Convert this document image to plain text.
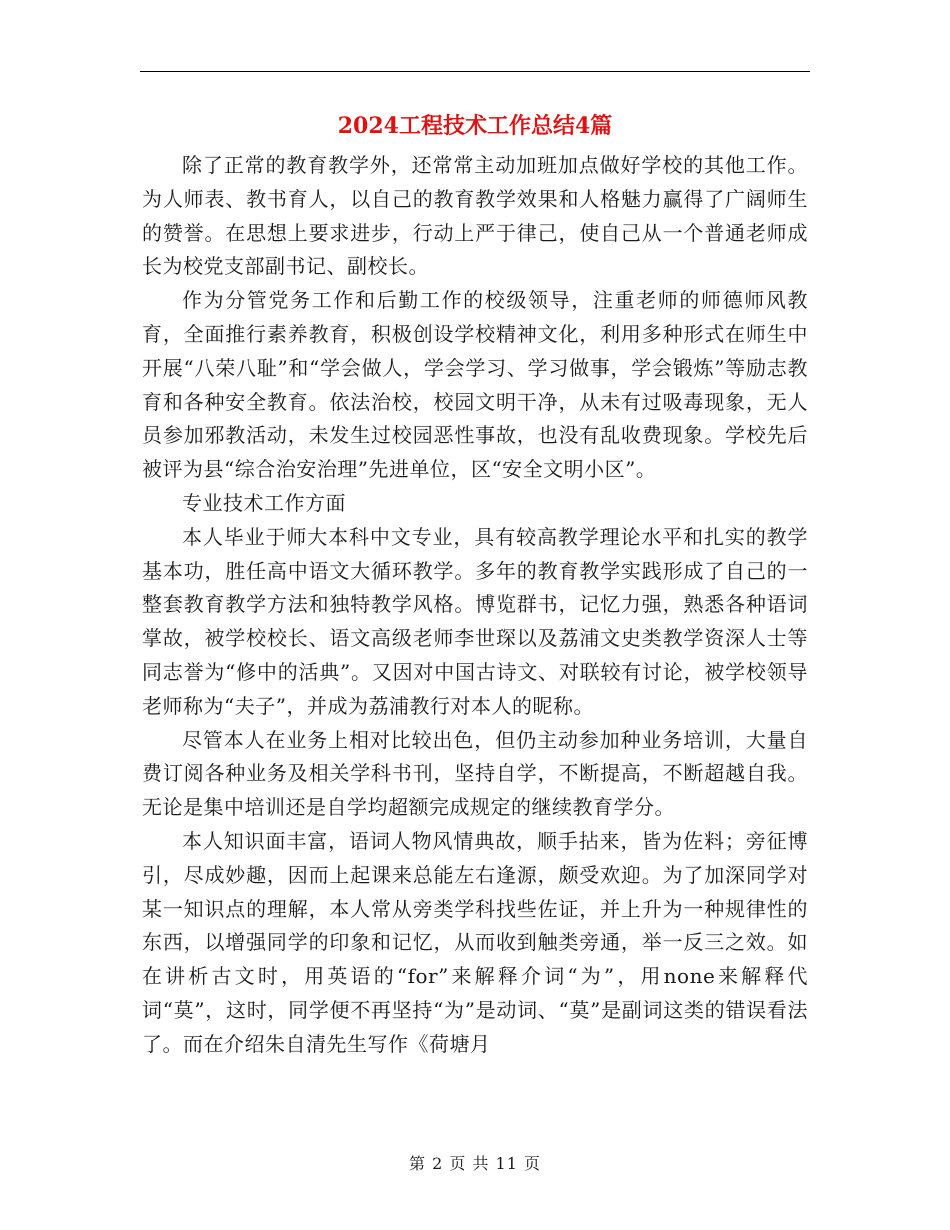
2024工程技术工作总结4篇

除了正常的教育教学外，还常常主动加班加点做好学校的其他工作。为人师表、教书育人，以自己的教育教学效果和人格魅力赢得了广阔师生的赞誉。在思想上要求进步，行动上严于律己，使自己从一个普通老师成长为校党支部副书记、副校长。

作为分管党务工作和后勤工作的校级领导，注重老师的师德师风教育，全面推行素养教育，积极创设学校精神文化，利用多种形式在师生中开展“八荣八耻”和“学会做人，学会学习、学习做事，学会锻炼”等励志教育和各种安全教育。依法治校，校园文明干净，从未有过吸毒现象，无人员参加邪教活动，未发生过校园恶性事故，也没有乱收费现象。学校先后被评为县“综合治安治理”先进单位，区“安全文明小区”。

专业技术工作方面

本人毕业于师大本科中文专业，具有较高教学理论水平和扎实的教学基本功，胜任高中语文大循环教学。多年的教育教学实践形成了自己的一整套教育教学方法和独特教学风格。博览群书，记忆力强，熟悉各种语词掌故，被学校校长、语文高级老师李世琛以及荔浦文史类教学资深人士等同志誉为“修中的活典”。又因对中国古诗文、对联较有讨论，被学校领导老师称为“夫子”，并成为荔浦教行对本人的昵称。

尽管本人在业务上相对比较出色，但仍主动参加种业务培训，大量自费订阅各种业务及相关学科书刊，坚持自学，不断提高，不断超越自我。无论是集中培训还是自学均超额完成规定的继续教育学分。

本人知识面丰富，语词人物风情典故，顺手拈来，皆为佐料；旁征博引，尽成妙趣，因而上起课来总能左右逢源，颇受欢迎。为了加深同学对某一知识点的理解，本人常从旁类学科找些佐证，并上升为一种规律性的东西，以增强同学的印象和记忆，从而收到触类旁通，举一反三之效。如在讲析古文时，用英语的“for”来解释介词“为”，用none来解释代词“莫”，这时，同学便不再坚持“为”是动词、“莫”是副词这类的错误看法了。而在介绍朱自清先生写作《荷塘月

第 2 页 共 11 页
